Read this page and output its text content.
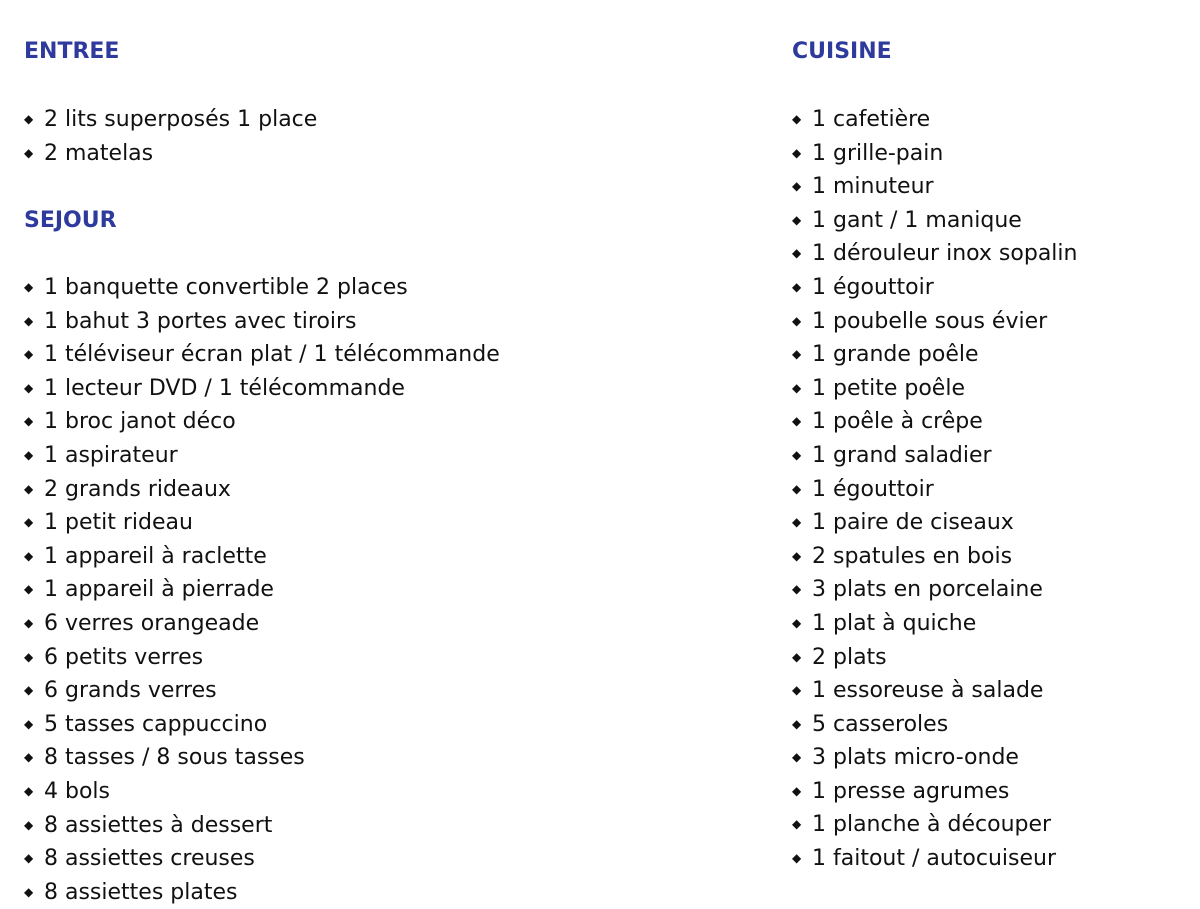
ENTREE
◆ 2 lits superposés 1 place
◆ 2 matelas
SEJOUR
◆ 1 banquette convertible 2 places
◆ 1 bahut 3 portes avec tiroirs
◆ 1 téléviseur écran plat / 1 télécommande
◆ 1 lecteur DVD / 1 télécommande
◆ 1 broc janot déco
◆ 1 aspirateur
◆ 2 grands rideaux
◆ 1 petit rideau
◆ 1 appareil à raclette
◆ 1 appareil à pierrade
◆ 6 verres orangeade
◆ 6 petits verres
◆ 6 grands verres
◆ 5 tasses cappuccino
◆ 8 tasses / 8 sous tasses
◆ 4 bols
◆ 8 assiettes à dessert
◆ 8 assiettes creuses
◆ 8 assiettes plates
CUISINE
◆ 1 cafetière
◆ 1 grille-pain
◆ 1 minuteur
◆ 1 gant / 1 manique
◆ 1 dérouleur inox sopalin
◆ 1 égouttoir
◆ 1 poubelle sous évier
◆ 1 grande poêle
◆ 1 petite poêle
◆ 1 poêle à crêpe
◆ 1 grand saladier
◆ 1 égouttoir
◆ 1 paire de ciseaux
◆ 2 spatules en bois
◆ 3 plats en porcelaine
◆ 1 plat à quiche
◆ 2 plats
◆ 1 essoreuse à salade
◆ 5 casseroles
◆ 3 plats micro-onde
◆ 1 presse agrumes
◆ 1 planche à découper
◆ 1 faitout / autocuiseur
